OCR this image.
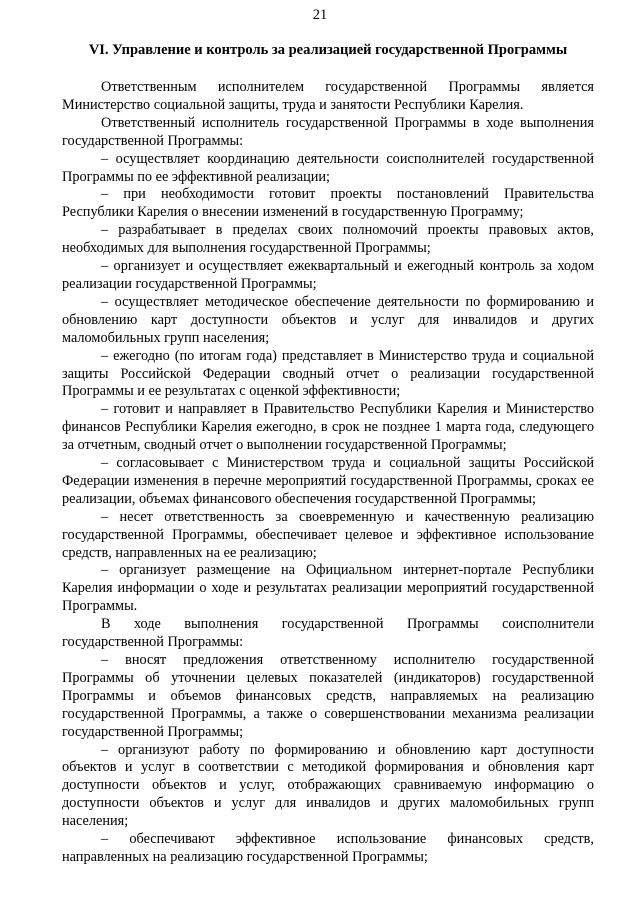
21
VI. Управление и контроль за реализацией государственной Программы

Ответственным исполнителем государственной Программы является Министерство социальной защиты, труда и занятости Республики Карелия.

Ответственный исполнитель государственной Программы в ходе выполнения государственной Программы:

– осуществляет координацию деятельности соисполнителей государственной Программы по ее эффективной реализации;

– при необходимости готовит проекты постановлений Правительства Республики Карелия о внесении изменений в государственную Программу;

– разрабатывает в пределах своих полномочий проекты правовых актов, необходимых для выполнения государственной Программы;

– организует и осуществляет ежеквартальный и ежегодный контроль за ходом реализации государственной Программы;

– осуществляет методическое обеспечение деятельности по формированию и обновлению карт доступности объектов и услуг для инвалидов и других маломобильных групп населения;

– ежегодно (по итогам года) представляет в Министерство труда и социальной защиты Российской Федерации сводный отчет о реализации государственной Программы и ее результатах с оценкой эффективности;

– готовит и направляет в Правительство Республики Карелия и Министерство финансов Республики Карелия ежегодно, в срок не позднее 1 марта года, следующего за отчетным, сводный отчет о выполнении государственной Программы;

– согласовывает с Министерством труда и социальной защиты Российской Федерации изменения в перечне мероприятий государственной Программы, сроках ее реализации, объемах финансового обеспечения государственной Программы;

– несет ответственность за своевременную и качественную реализацию государственной Программы, обеспечивает целевое и эффективное использование средств, направленных на ее реализацию;

– организует размещение на Официальном интернет-портале Республики Карелия информации о ходе и результатах реализации мероприятий государственной Программы.

В ходе выполнения государственной Программы соисполнители государственной Программы:

– вносят предложения ответственному исполнителю государственной Программы об уточнении целевых показателей (индикаторов) государственной Программы и объемов финансовых средств, направляемых на реализацию государственной Программы, а также о совершенствовании механизма реализации государственной Программы;

– организуют работу по формированию и обновлению карт доступности объектов и услуг в соответствии с методикой формирования и обновления карт доступности объектов и услуг, отображающих сравниваемую информацию о доступности объектов и услуг для инвалидов и других маломобильных групп населения;

– обеспечивают эффективное использование финансовых средств, направленных на реализацию государственной Программы;
